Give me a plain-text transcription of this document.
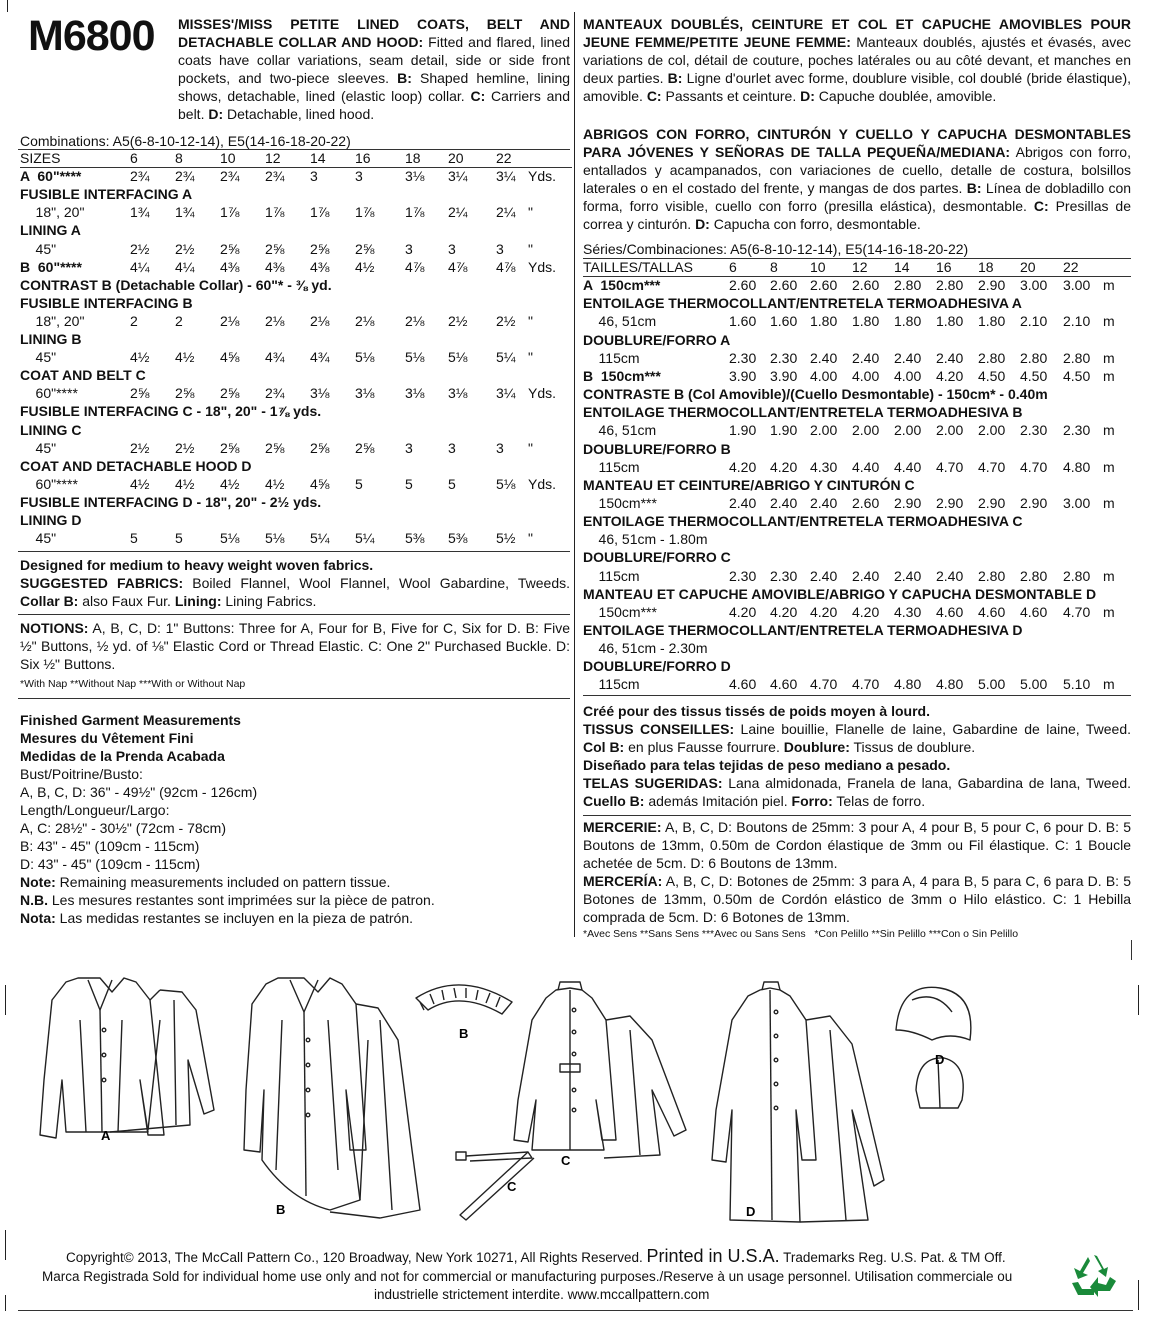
M6800 MISSES'/MISS PETITE LINED COATS, BELT AND DETACHABLE COLLAR AND HOOD: Fitted and flared, lined coats have collar variations, seam detail, side or side front pockets, and two-piece sleeves. B: Shaped hemline, lining shows, detachable, lined (elastic loop) collar. C: Carriers and belt. D: Detachable, lined hood.
MANTEAUX DOUBLÉS, CEINTURE ET COL ET CAPUCHE AMOVIBLES POUR JEUNE FEMME/PETITE JEUNE FEMME: Manteaux doublés, ajustés et évasés, avec variations de col, détail de couture, poches latérales ou au côté devant, et manches en deux parties. B: Ligne d'ourlet avec forme, doublure visible, col doublé (bride élastique), amovible. C: Passants et ceinture. D: Capuche doublée, amovible.
ABRIGOS CON FORRO, CINTURÓN Y CUELLO Y CAPUCHA DESMONTABLES PARA JÓVENES Y SEÑORAS DE TALLA PEQUEÑA/MEDIANA: Abrigos con forro, entallados y acampanados, con variaciones de cuello, detalle de costura, bolsillos laterales o en el costado del frente, y mangas de dos partes. B: Línea de dobladillo con forma, forro visible, cuello con forro (presilla elástica), desmontable. C: Presillas de correa y cinturón. D: Capucha con forro, desmontable.
Combinations: A5(6-8-10-12-14), E5(14-16-18-20-22)
SIZES	6	8	10 12 14 16 18 20 22
A  60"****	2¾ 2¾ 2¾ 2¾ 3	3	3⅛ 3¼ 3¼ Yds.
FUSIBLE INTERFACING A
18", 20"	1¾ 1¾ 1⅞ 1⅞ 1⅞ 1⅞ 1⅞ 2¼ 2¼ "
LINING A
45"	2½ 2½ 2⅝ 2⅝ 2⅝ 2⅝ 3	3	3 "
B  60"****	4¼ 4¼ 4⅜ 4⅜ 4⅜ 4½ 4⅞ 4⅞ 4⅞ Yds.
CONTRAST B (Detachable Collar) - 60"* - ⅜ yd.
FUSIBLE INTERFACING B
18", 20"	2	2	2⅛ 2⅛ 2⅛ 2⅛ 2⅛ 2½ 2½ "
LINING B
45"	4½ 4½ 4⅝ 4¾ 4¾ 5⅛ 5⅛ 5⅛ 5¼ "
COAT AND BELT C
60"****	2⅝ 2⅝ 2⅝ 2¾ 3⅛ 3⅛ 3⅛ 3⅛ 3¼ Yds.
FUSIBLE INTERFACING C - 18", 20" - 1⅞ yds.
LINING C
45"	2½ 2½ 2⅝ 2⅝ 2⅝ 2⅝ 3	3	3 "
COAT AND DETACHABLE HOOD D
60"****	4½ 4½ 4½ 4½ 4⅝ 5	5	5	5⅛ Yds.
FUSIBLE INTERFACING D - 18", 20" - 2½ yds.
LINING D
45"	5	5	5⅛ 5⅛ 5¼ 5¼ 5⅜ 5⅜ 5½ "
Séries/Combinaciones: A5(6-8-10-12-14), E5(14-16-18-20-22)
TAILLES/TALLAS	6 8 10 12 14 16 18 20 22
A  150cm***	2.60 2.60 2.60 2.60 2.80 2.80 2.90 3.00 3.00 m
ENTOILAGE THERMOCOLLANT/ENTRETELA TERMOADHESIVA A
46, 51cm	1.60 1.60 1.80 1.80 1.80 1.80 1.80 2.10 2.10 m
DOUBLURE/FORRO A
115cm	2.30 2.30 2.40 2.40 2.40 2.40 2.80 2.80 2.80 m
B  150cm***	3.90 3.90 4.00 4.00 4.00 4.20 4.50 4.50 4.50 m
CONTRASTE B (Col Amovible)/(Cuello Desmontable) - 150cm* - 0.40m
ENTOILAGE THERMOCOLLANT/ENTRETELA TERMOADHESIVA B
46, 51cm	1.90 1.90 2.00 2.00 2.00 2.00 2.00 2.30 2.30 m
DOUBLURE/FORRO B
115cm	4.20 4.20 4.30 4.40 4.40 4.70 4.70 4.70 4.80 m
MANTEAU ET CEINTURE/ABRIGO Y CINTURÓN C
150cm***	2.40 2.40 2.40 2.60 2.90 2.90 2.90 2.90 3.00 m
ENTOILAGE THERMOCOLLANT/ENTRETELA TERMOADHESIVA C
46, 51cm - 1.80m
DOUBLURE/FORRO C
115cm	2.30 2.30 2.40 2.40 2.40 2.40 2.80 2.80 2.80 m
MANTEAU ET CAPUCHE AMOVIBLE/ABRIGO Y CAPUCHA DESMONTABLE D
150cm***	4.20 4.20 4.20 4.20 4.30 4.60 4.60 4.60 4.70 m
ENTOILAGE THERMOCOLLANT/ENTRETELA TERMOADHESIVA D
46, 51cm - 2.30m
DOUBLURE/FORRO D
115cm	4.60 4.60 4.70 4.70 4.80 4.80 5.00 5.00 5.10 m
Designed for medium to heavy weight woven fabrics.
SUGGESTED FABRICS: Boiled Flannel, Wool Flannel, Wool Gabardine, Tweeds. Collar B: also Faux Fur. Lining: Lining Fabrics.
NOTIONS: A, B, C, D: 1" Buttons: Three for A, Four for B, Five for C, Six for D. B: Five ½" Buttons, ½ yd. of ⅛" Elastic Cord or Thread Elastic. C: One 2" Purchased Buckle. D: Six ½" Buttons.
*With Nap **Without Nap ***With or Without Nap
Finished Garment Measurements
Mesures du Vêtement Fini
Medidas de la Prenda Acabada
Bust/Poitrine/Busto:
A, B, C, D: 36" - 49½" (92cm - 126cm)
Length/Longueur/Largo:
A, C: 28½" - 30½" (72cm - 78cm)
B: 43" - 45" (109cm - 115cm)
D: 43" - 45" (109cm - 115cm)
Note: Remaining measurements included on pattern tissue.
N.B. Les mesures restantes sont imprimées sur la pièce de patron.
Nota: Las medidas restantes se incluyen en la pieza de patrón.
Créé pour des tissus tissés de poids moyen à lourd.
TISSUS CONSEILLES: Laine bouillie, Flanelle de laine, Gabardine de laine, Tweed. Col B: en plus Fausse fourrure. Doublure: Tissus de doublure.
Diseñado para telas tejidas de peso mediano a pesado.
TELAS SUGERIDAS: Lana almidonada, Franela de lana, Gabardina de lana, Tweed. Cuello B: además Imitación piel. Forro: Telas de forro.
MERCERIE: A, B, C, D: Boutons de 25mm: 3 pour A, 4 pour B, 5 pour C, 6 pour D. B: 5 Boutons de 13mm, 0.50m de Cordon élastique de 3mm ou Fil élastique. C: 1 Boucle achetée de 5cm. D: 6 Boutons de 13mm.
MERCERÍA: A, B, C, D: Botones de 25mm: 3 para A, 4 para B, 5 para C, 6 para D. B: 5 Botones de 13mm, 0.50m de Cordón elástico de 3mm o Hilo elástico. C: 1 Hebilla comprada de 5cm. D: 6 Botones de 13mm.
*Avec Sens **Sans Sens ***Avec ou Sans Sens   *Con Pelillo **Sin Pelillo ***Con o Sin Pelillo
A
B
B
C
C
D
D
Copyright© 2013, The McCall Pattern Co., 120 Broadway, New York 10271, All Rights Reserved. Printed in U.S.A. Trademarks Reg. U.S. Pat. & TM Off.
Marca Registrada Sold for individual home use only and not for commercial or manufacturing purposes./Reserve à un usage personnel. Utilisation commerciale ou
industrielle strictement interdite. www.mccallpattern.com
